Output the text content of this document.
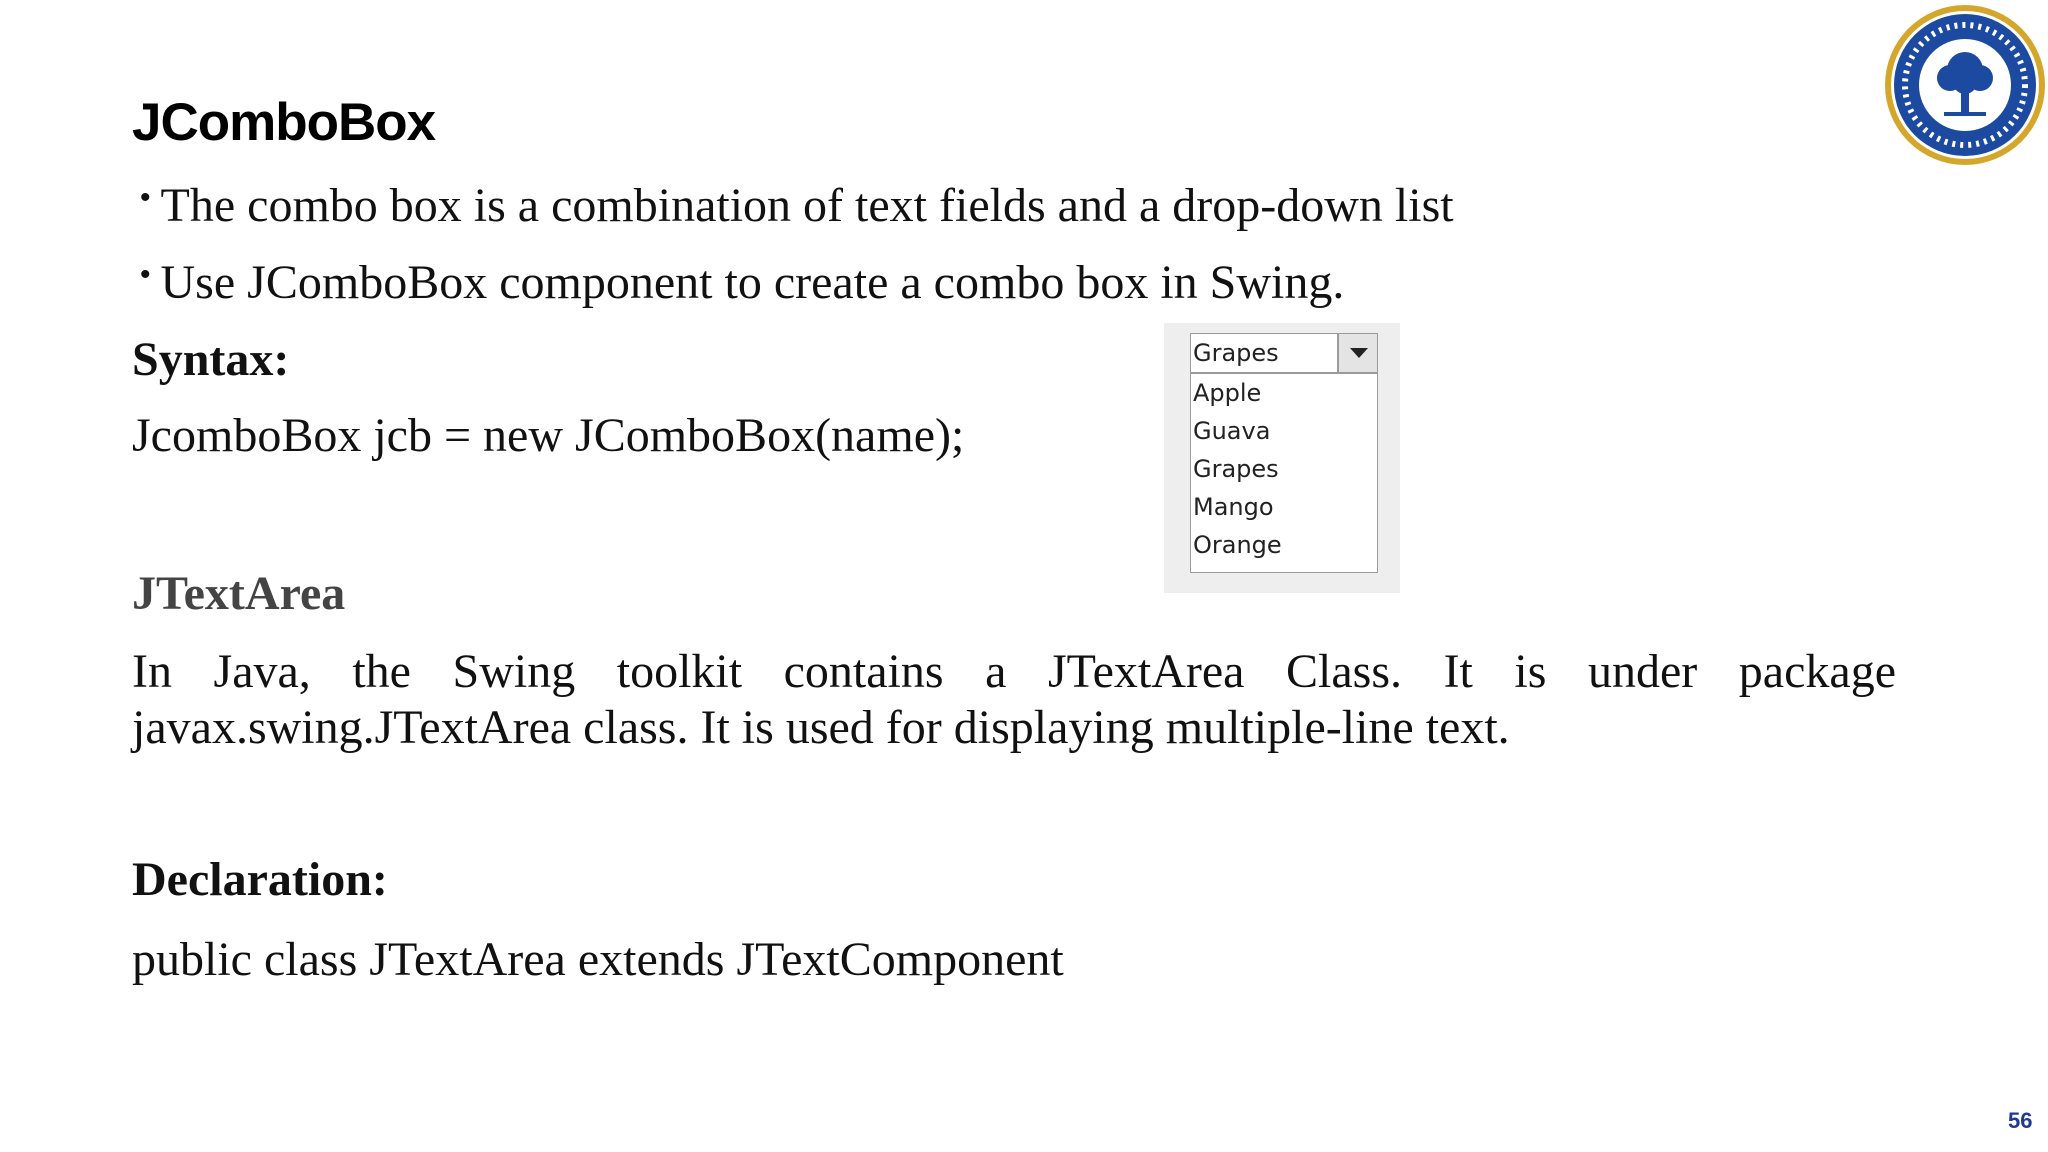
JComboBox
• The combo box is a combination of text fields and a drop-down list
• Use JComboBox component to create a combo box in Swing.
Syntax:
JcomboBox jcb = new JComboBox(name);
Grapes
Apple
Guava
Grapes
Mango
Orange
JTextArea
In Java, the Swing toolkit contains a JTextArea Class. It is under package javax.swing.JTextArea class. It is used for displaying multiple-line text.
Declaration:
public class JTextArea extends JTextComponent
56
